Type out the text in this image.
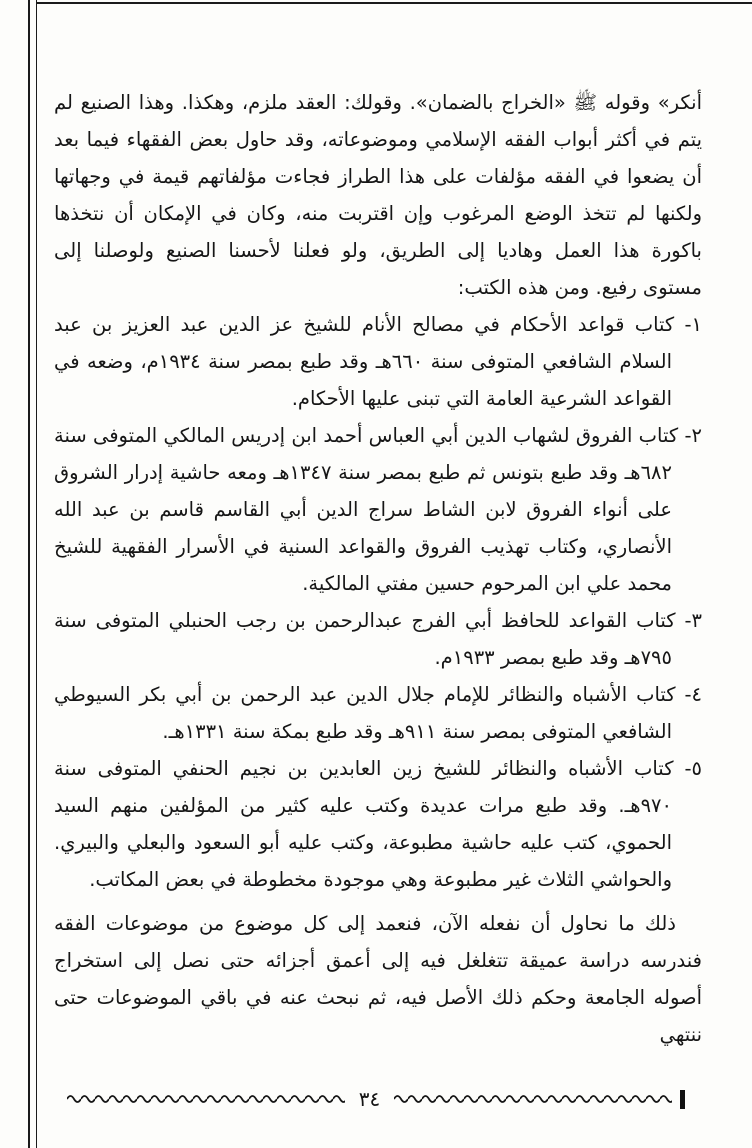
أنكر» وقوله ﷺ «الخراج بالضمان». وقولك: العقد ملزم، وهكذا. وهذا الصنيع لم يتم في أكثر أبواب الفقه الإسلامي وموضوعاته، وقد حاول بعض الفقهاء فيما بعد أن يضعوا في الفقه مؤلفات على هذا الطراز فجاءت مؤلفاتهم قيمة في وجهاتها ولكنها لم تتخذ الوضع المرغوب وإن اقتربت منه، وكان في الإمكان أن نتخذها باكورة هذا العمل وهاديا إلى الطريق، ولو فعلنا لأحسنا الصنيع ولوصلنا إلى مستوى رفيع. ومن هذه الكتب:

١- كتاب قواعد الأحكام في مصالح الأنام للشيخ عز الدين عبد العزيز بن عبد السلام الشافعي المتوفى سنة ٦٦٠هـ وقد طبع بمصر سنة ١٩٣٤م، وضعه في القواعد الشرعية العامة التي تبنى عليها الأحكام.
٢- كتاب الفروق لشهاب الدين أبي العباس أحمد ابن إدريس المالكي المتوفى سنة ٦٨٢هـ وقد طبع بتونس ثم طبع بمصر سنة ١٣٤٧هـ ومعه حاشية إدرار الشروق على أنواء الفروق لابن الشاط سراج الدين أبي القاسم قاسم بن عبد الله الأنصاري، وكتاب تهذيب الفروق والقواعد السنية في الأسرار الفقهية للشيخ محمد علي ابن المرحوم حسين مفتي المالكية.
٣- كتاب القواعد للحافظ أبي الفرج عبدالرحمن بن رجب الحنبلي المتوفى سنة ٧٩٥هـ وقد طبع بمصر ١٩٣٣م.
٤- كتاب الأشباه والنظائر للإمام جلال الدين عبد الرحمن بن أبي بكر السيوطي الشافعي المتوفى بمصر سنة ٩١١هـ وقد طبع بمكة سنة ١٣٣١هـ.
٥- كتاب الأشباه والنظائر للشيخ زين العابدين بن نجيم الحنفي المتوفى سنة ٩٧٠هـ. وقد طبع مرات عديدة وكتب عليه كثير من المؤلفين منهم السيد الحموي، كتب عليه حاشية مطبوعة، وكتب عليه أبو السعود والبعلي والبيري. والحواشي الثلاث غير مطبوعة وهي موجودة مخطوطة في بعض المكاتب.

ذلك ما نحاول أن نفعله الآن، فنعمد إلى كل موضوع من موضوعات الفقه فندرسه دراسة عميقة تتغلغل فيه إلى أعمق أجزائه حتى نصل إلى استخراج أصوله الجامعة وحكم ذلك الأصل فيه، ثم نبحث عنه في باقي الموضوعات حتى ننتهي

٣٤
